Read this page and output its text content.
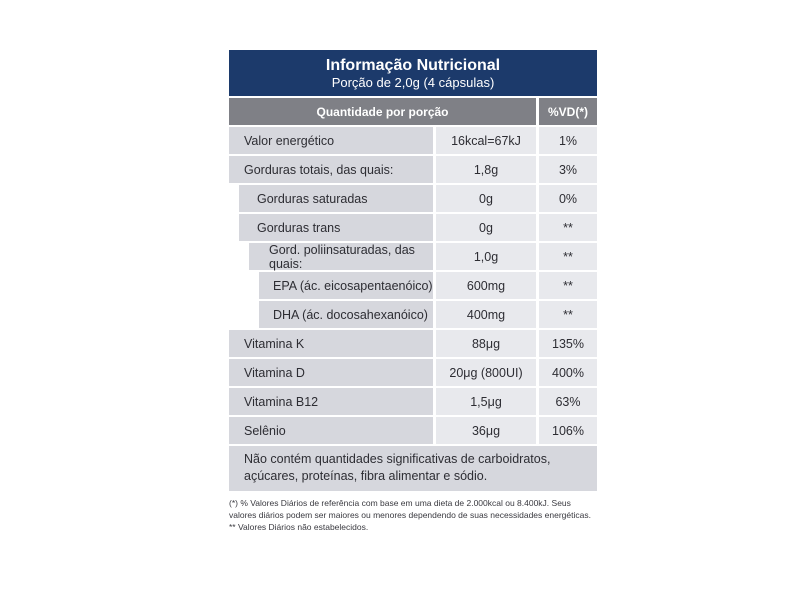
Informação Nutricional
Porção de 2,0g (4 cápsulas)
Quantidade por porção	%VD(*)
Valor energético	16kcal=67kJ	1%
Gorduras totais, das quais:	1,8g	3%
Gorduras saturadas	0g	0%
Gorduras trans	0g	**
Gord. poliinsaturadas, das quais:	1,0g	**
EPA (ác. eicosapentaenóico)	600mg	**
DHA (ác. docosahexanóico)	400mg	**
Vitamina K	88μg	135%
Vitamina D	20μg (800UI)	400%
Vitamina B12	1,5μg	63%
Selênio	36μg	106%
Não contém quantidades significativas de carboidratos,
açúcares, proteínas, fibra alimentar e sódio.
(*) % Valores Diários de referência com base em uma dieta de 2.000kcal ou 8.400kJ. Seus
valores diários podem ser maiores ou menores dependendo de suas necessidades energéticas.
** Valores Diários não estabelecidos.
